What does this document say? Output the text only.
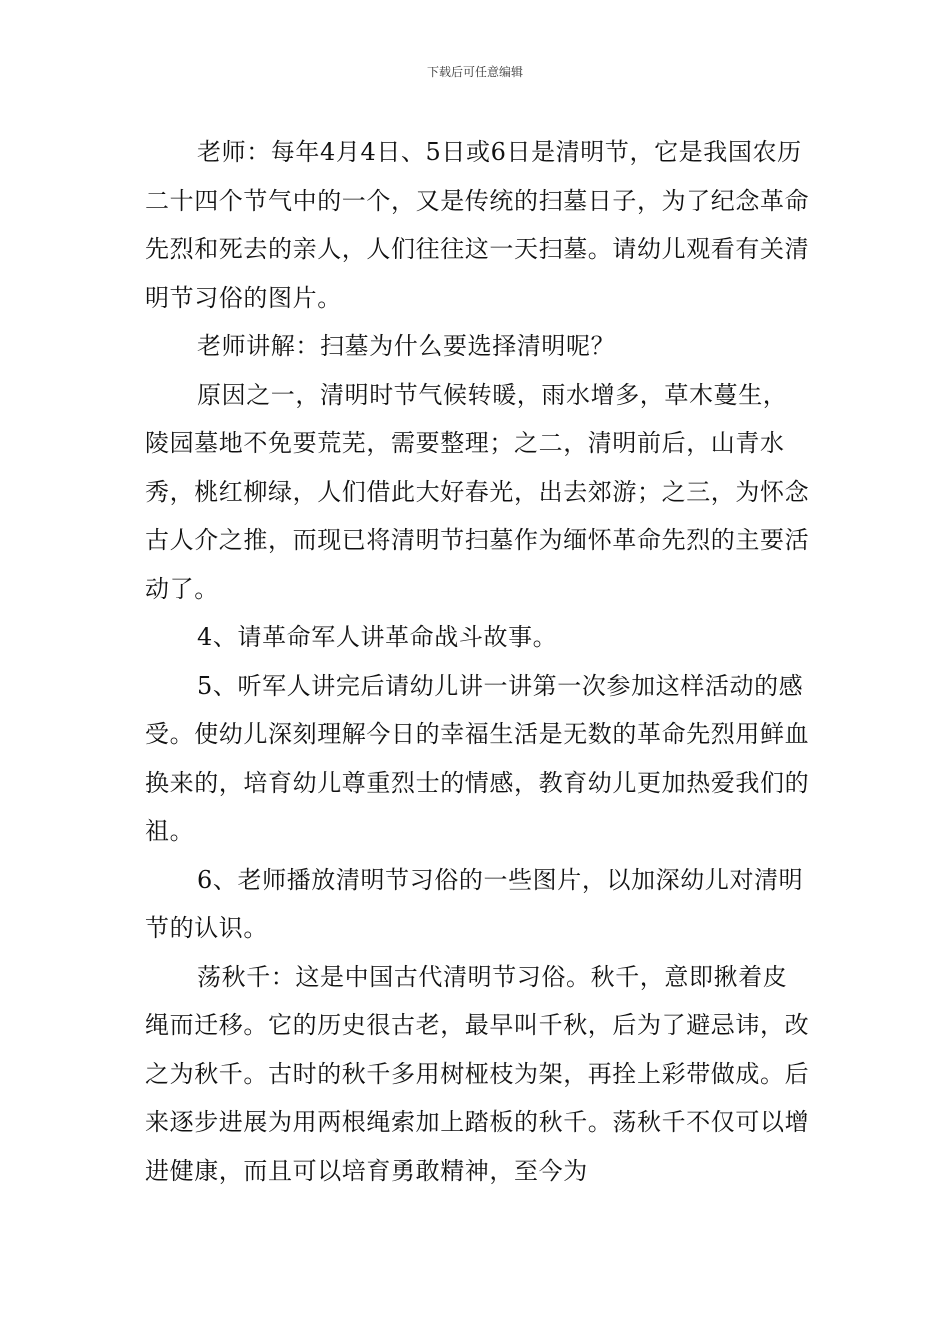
下载后可任意编辑

老师：每年4月4日、5日或6日是清明节，它是我国农历二十四个节气中的一个，又是传统的扫墓日子，为了纪念革命先烈和死去的亲人，人们往往这一天扫墓。请幼儿观看有关清明节习俗的图片。

老师讲解：扫墓为什么要选择清明呢？

原因之一，清明时节气候转暖，雨水增多，草木蔓生，陵园墓地不免要荒芜，需要整理；之二，清明前后，山青水秀，桃红柳绿，人们借此大好春光，出去郊游；之三，为怀念古人介之推，而现已将清明节扫墓作为缅怀革命先烈的主要活动了。

4、请革命军人讲革命战斗故事。

5、听军人讲完后请幼儿讲一讲第一次参加这样活动的感受。使幼儿深刻理解今日的幸福生活是无数的革命先烈用鲜血换来的，培育幼儿尊重烈士的情感，教育幼儿更加热爱我们的祖。

6、老师播放清明节习俗的一些图片，以加深幼儿对清明节的认识。

荡秋千：这是中国古代清明节习俗。秋千，意即揪着皮绳而迁移。它的历史很古老，最早叫千秋，后为了避忌讳，改之为秋千。古时的秋千多用树桠枝为架，再拴上彩带做成。后来逐步进展为用两根绳索加上踏板的秋千。荡秋千不仅可以增进健康，而且可以培育勇敢精神，至今为
